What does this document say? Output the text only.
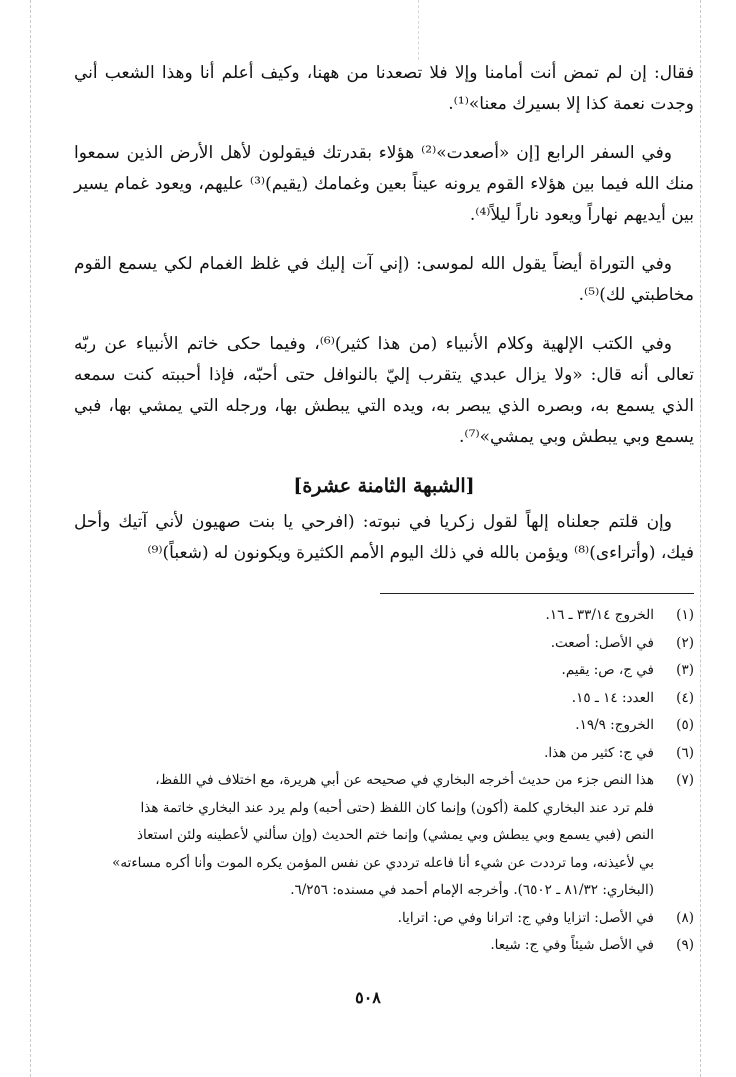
فقال: إن لم تمض أنت أمامنا وإلا فلا تصعدنا من ههنا، وكيف أعلم أنا وهذا الشعب أني وجدت نعمة كذا إلا بسيرك معنا»⁽¹⁾.

وفي السفر الرابع [إن «أصعدت»⁽²⁾ هؤلاء بقدرتك فيقولون لأهل الأرض الذين سمعوا منك الله فيما بين هؤلاء القوم يرونه عيناً بعين وغمامك (يقيم)⁽³⁾ عليهم، ويعود غمام يسير بين أيديهم نهاراً ويعود ناراً ليلاً⁽⁴⁾.

وفي التوراة أيضاً يقول الله لموسى: (إني آت إليك في غلظ الغمام لكي يسمع القوم مخاطبتي لك)⁽⁵⁾.

وفي الكتب الإلهية وكلام الأنبياء (من هذا كثير)⁽⁶⁾، وفيما حكى خاتم الأنبياء عن ربّه تعالى أنه قال: «ولا يزال عبدي يتقرب إليّ بالنوافل حتى أحبّه، فإذا أحببته كنت سمعه الذي يسمع به، وبصره الذي يبصر به، ويده التي يبطش بها، ورجله التي يمشي بها، فبي يسمع وبي يبطش وبي يمشي»⁽⁷⁾.

[الشبهة الثامنة عشرة]

وإن قلتم جعلناه إلهاً لقول زكريا في نبوته: (افرحي يا بنت صهيون لأني آتيك وأحل فيك، (وأتراءى)⁽⁸⁾ ويؤمن بالله في ذلك اليوم الأمم الكثيرة ويكونون له (شعباً)⁽⁹⁾

(١)
الخروج ٣٣/١٤ ـ ١٦.
(٢)
في الأصل: أصعت.
(٣)
في ج، ص: يقيم.
(٤)
العدد: ١٤ ـ ١٥.
(٥)
الخروج: ١٩/٩.
(٦)
في ج: كثير من هذا.
(٧)
هذا النص جزء من حديث أخرجه البخاري في صحيحه عن أبي هريرة، مع اختلاف في اللفظ،
فلم ترد عند البخاري كلمة (أكون) وإنما كان اللفظ (حتى أحبه) ولم يرد عند البخاري خاتمة هذا
النص (فبي يسمع وبي يبطش وبي يمشي) وإنما ختم الحديث (وإن سألني لأعطينه ولئن استعاذ
بي لأعيذنه، وما ترددت عن شيء أنا فاعله ترددي عن نفس المؤمن يكره الموت وأنا أكره مساءته»
(البخاري: ٨١/٣٢ ـ ٦٥٠٢). وأخرجه الإمام أحمد في مسنده: ٦/٢٥٦.
(٨)
في الأصل: اتزايا وفي ج: اترانا وفي ص: اترايا.
(٩)
في الأصل شيئاً وفي ج: شيعا.
٥٠٨
